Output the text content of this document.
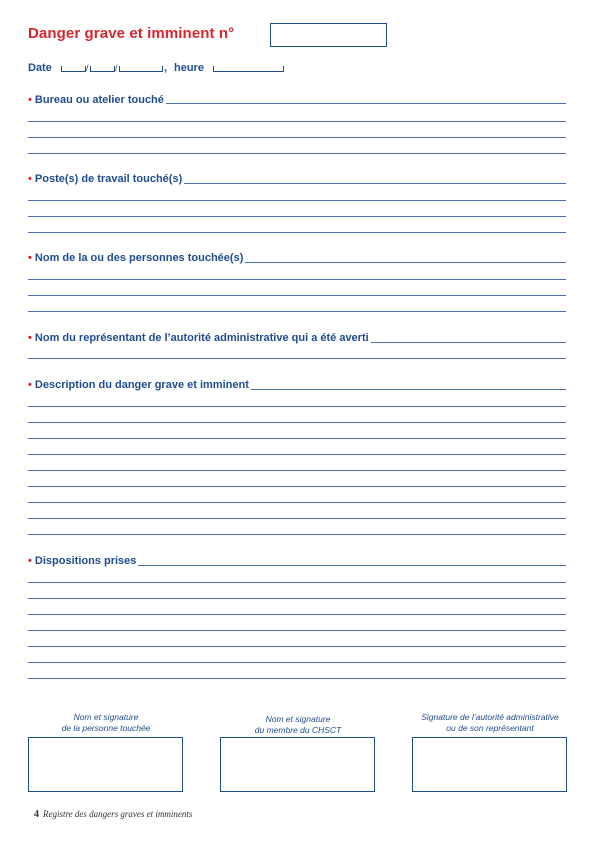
Danger grave et imminent n°
Date	/	/	, heure
• Bureau ou atelier touché
• Poste(s) de travail touché(s)
• Nom de la ou des personnes touchée(s)
• Nom du représentant de l’autorité administrative qui a été averti
• Description du danger grave et imminent
• Dispositions prises
Nom et signature
de la personne touchée
Nom et signature
du membre du CHSCT
Signature de l’autorité administrative
ou de son représentant
4 Registre des dangers graves et imminents
